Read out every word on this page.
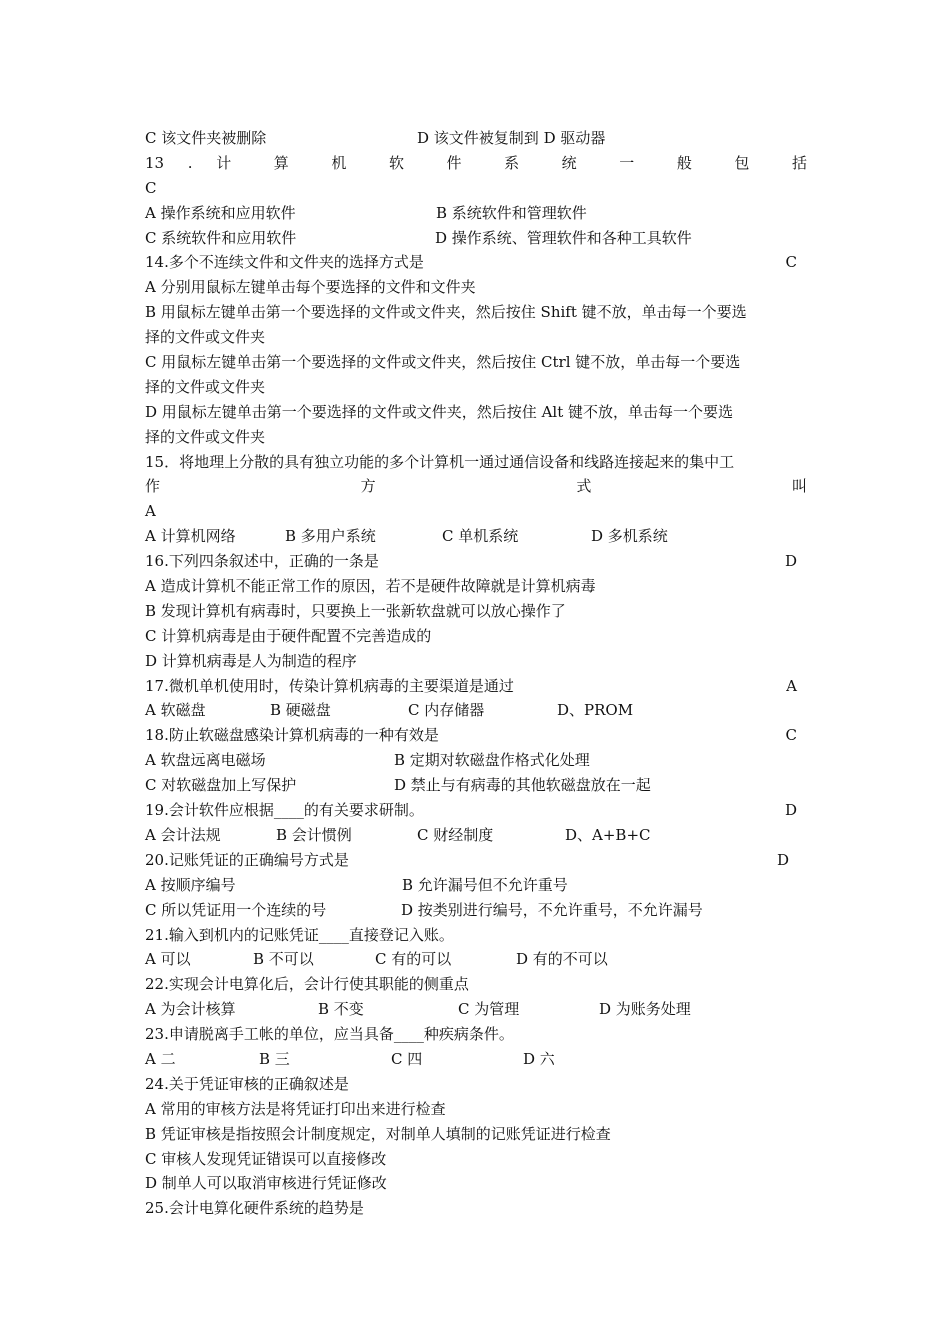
C 该文件夹被删除	D 该文件被复制到 D 驱动器
13 . 计 算 机 软 件 系 统 一 般 包 括
C
A 操作系统和应用软件	B 系统软件和管理软件
C 系统软件和应用软件	D 操作系统、管理软件和各种工具软件
14.多个不连续文件和文件夹的选择方式是	C
A 分别用鼠标左键单击每个要选择的文件和文件夹
B 用鼠标左键单击第一个要选择的文件或文件夹，然后按住 Shift 键不放，单击每一个要选
择的文件或文件夹
C 用鼠标左键单击第一个要选择的文件或文件夹，然后按住 Ctrl 键不放，单击每一个要选
择的文件或文件夹
D 用鼠标左键单击第一个要选择的文件或文件夹，然后按住 Alt 键不放，单击每一个要选
择的文件或文件夹
15．将地理上分散的具有独立功能的多个计算机一通过通信设备和线路连接起来的集中工
作 方 式 叫
A
A 计算机网络	B 多用户系统	C 单机系统	D 多机系统
16.下列四条叙述中，正确的一条是	D
A 造成计算机不能正常工作的原因，若不是硬件故障就是计算机病毒
B 发现计算机有病毒时，只要换上一张新软盘就可以放心操作了
C 计算机病毒是由于硬件配置不完善造成的
D 计算机病毒是人为制造的程序
17.微机单机使用时，传染计算机病毒的主要渠道是通过	A
A 软磁盘	B 硬磁盘	C 内存储器	D、PROM
18.防止软磁盘感染计算机病毒的一种有效是	C
A 软盘远离电磁场	B 定期对软磁盘作格式化处理
C 对软磁盘加上写保护	D 禁止与有病毒的其他软磁盘放在一起
19.会计软件应根据____的有关要求研制。	D
A 会计法规	B 会计惯例	C 财经制度	D、A+B+C
20.记账凭证的正确编号方式是	D
A 按顺序编号	B 允许漏号但不允许重号
C 所以凭证用一个连续的号	D 按类别进行编号，不允许重号，不允许漏号
21.输入到机内的记账凭证____直接登记入账。
A 可以	B 不可以	C 有的可以	D 有的不可以
22.实现会计电算化后，会计行使其职能的侧重点
A 为会计核算	B 不变	C 为管理	D 为账务处理
23.申请脱离手工帐的单位，应当具备____种疾病条件。
A 二	B 三	C 四	D 六
24.关于凭证审核的正确叙述是
A 常用的审核方法是将凭证打印出来进行检查
B 凭证审核是指按照会计制度规定，对制单人填制的记账凭证进行检查
C 审核人发现凭证错误可以直接修改
D 制单人可以取消审核进行凭证修改
25.会计电算化硬件系统的趋势是
